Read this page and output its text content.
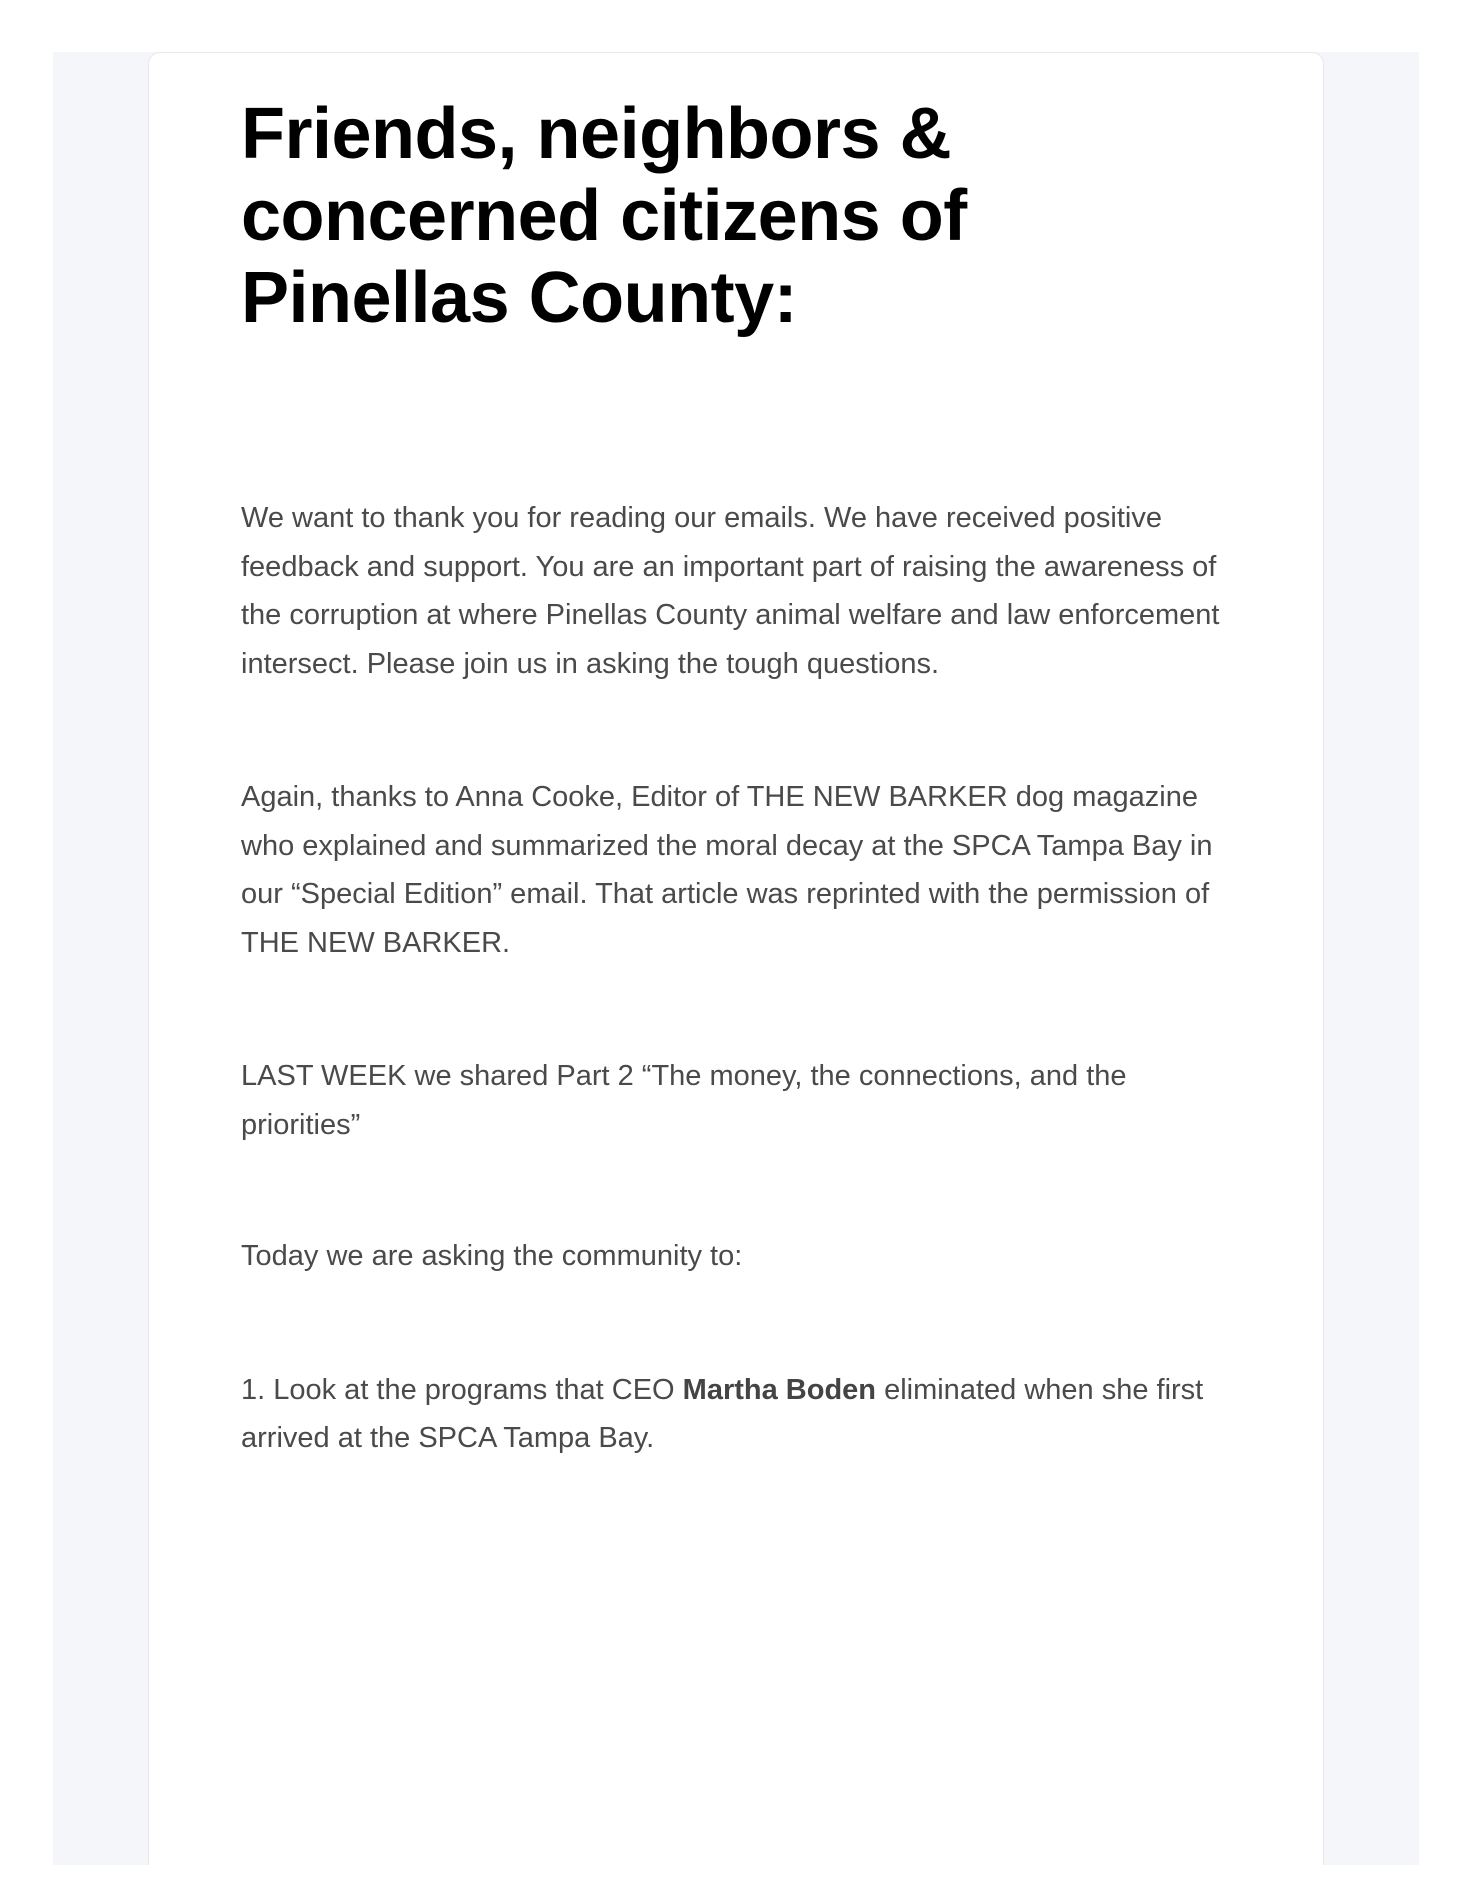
Friends, neighbors & concerned citizens of Pinellas County:

We want to thank you for reading our emails. We have received positive feedback and support. You are an important part of raising the awareness of the corruption at where Pinellas County animal welfare and law enforcement intersect. Please join us in asking the tough questions.

Again, thanks to Anna Cooke, Editor of THE NEW BARKER dog magazine who explained and summarized the moral decay at the SPCA Tampa Bay in our “Special Edition” email. That article was reprinted with the permission of THE NEW BARKER.

LAST WEEK we shared Part 2 “The money, the connections, and the priorities”

Today we are asking the community to:

1. Look at the programs that CEO Martha Boden eliminated when she first arrived at the SPCA Tampa Bay.
